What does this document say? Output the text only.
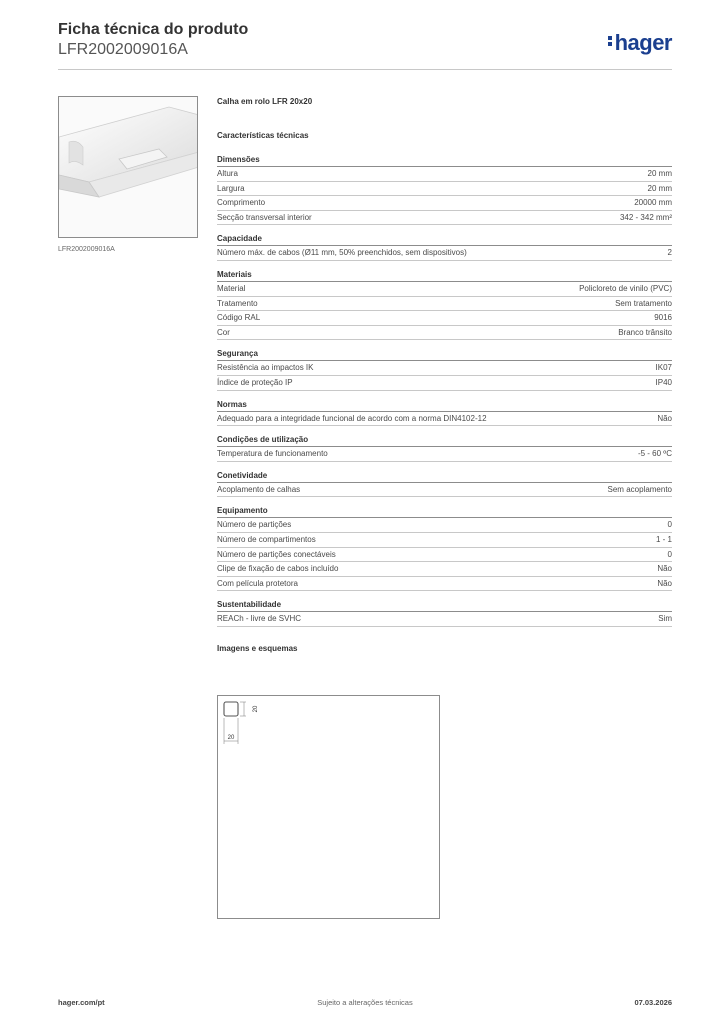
Ficha técnica do produto

LFR2002009016A	hager
LFR2002009016A
Calha em rolo LFR 20x20
Características técnicas
Dimensões
Altura	20 mm
Largura	20 mm
Comprimento	20000 mm
Secção transversal interior	342 - 342 mm²
Capacidade
Número máx. de cabos (Ø11 mm, 50% preenchidos, sem dispositivos)	2
Materiais
Material	Policloreto de vinilo (PVC)
Tratamento	Sem tratamento
Código RAL	9016
Cor	Branco trânsito
Segurança
Resistência ao impactos IK	IK07
Índice de proteção IP	IP40
Normas
Adequado para a integridade funcional de acordo com a norma DIN4102-12	Não
Condições de utilização
Temperatura de funcionamento	-5 - 60 ºC
Conetividade
Acoplamento de calhas	Sem acoplamento
Equipamento
Número de partições	0
Número de compartimentos	1 - 1
Número de partições conectáveis	0
Clipe de fixação de cabos incluído	Não
Com película protetora	Não
Sustentabilidade
REACh - livre de SVHC	Sim
Imagens e esquemas
20
20
hager.com/pt	Sujeito a alterações técnicas	07.03.2026
